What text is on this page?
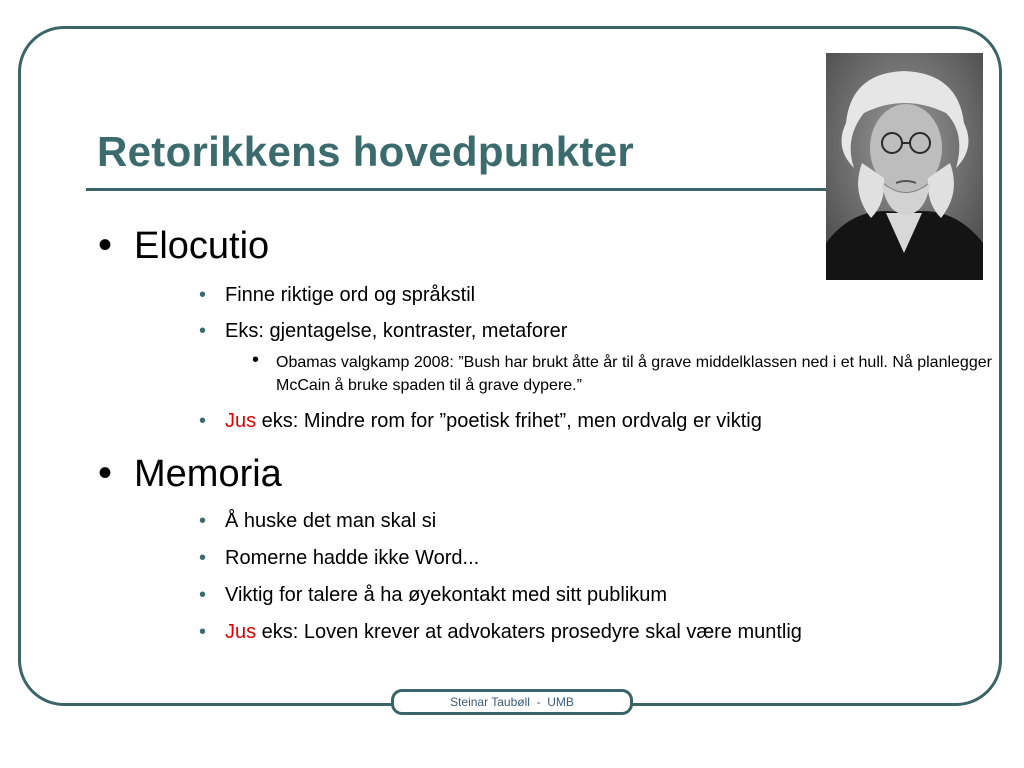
Retorikkens hovedpunkter
• Elocutio
• Finne riktige ord og språkstil
• Eks: gjentagelse, kontraster, metaforer
• Obamas valgkamp 2008: ”Bush har brukt åtte år til å grave middelklassen ned i et hull. Nå planlegger McCain å bruke spaden til å grave dypere.”
• Jus eks: Mindre rom for ”poetisk frihet”, men ordvalg er viktig
• Memoria
• Å huske det man skal si
• Romerne hadde ikke Word...
• Viktig for talere å ha øyekontakt med sitt publikum
• Jus eks: Loven krever at advokaters prosedyre skal være muntlig
Steinar Taubøll  -  UMB
